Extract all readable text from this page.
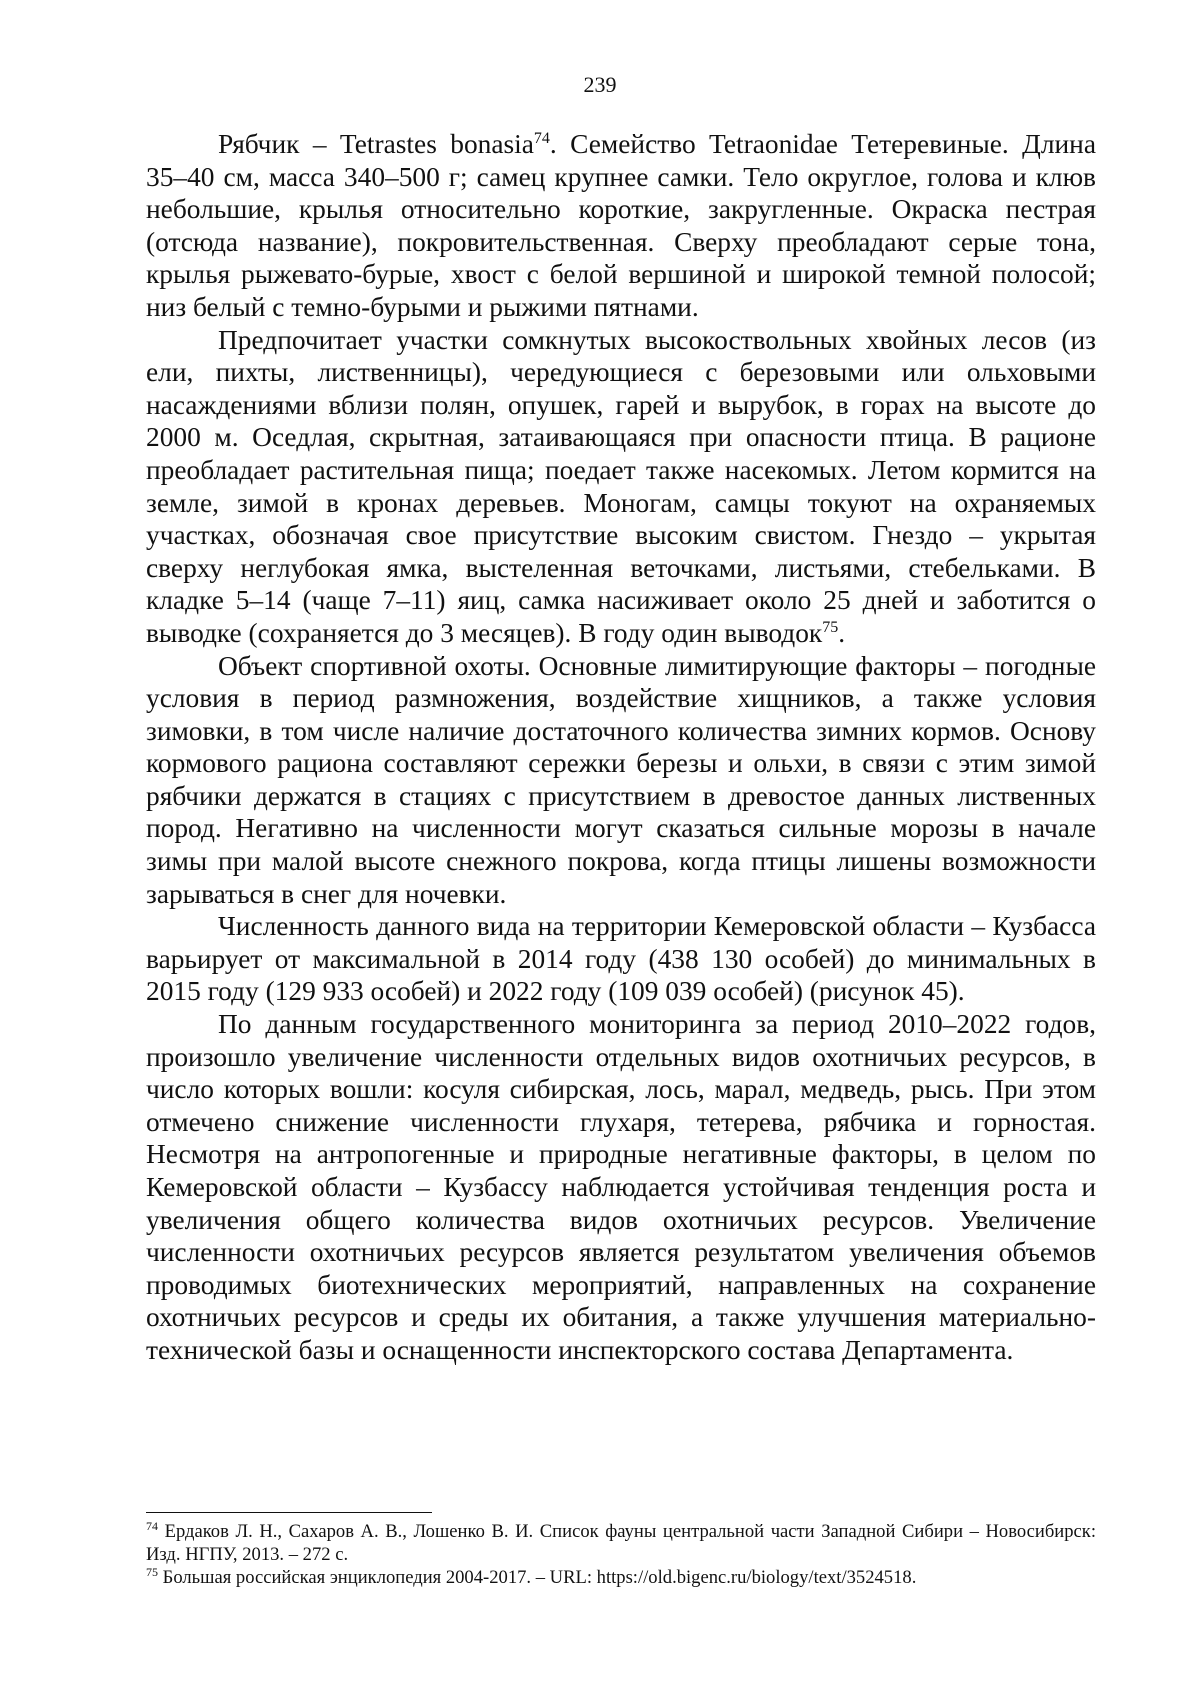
239

Рябчик – Tetrastes bonasia$^{74}$. Семейство Tetraonidae Тетеревиные. Длина 35–40 см, масса 340–500 г; самец крупнее самки. Тело округлое, голова и клюв небольшие, крылья относительно короткие, закругленные. Окраска пестрая (отсюда название), покровительственная. Сверху преобладают серые тона, крылья рыжевато-бурые, хвост с белой вершиной и широкой темной полосой; низ белый с темно-бурыми и рыжими пятнами.

Предпочитает участки сомкнутых высокоствольных хвойных лесов (из ели, пихты, лиственницы), чередующиеся с березовыми или ольховыми насаждениями вблизи полян, опушек, гарей и вырубок, в горах на высоте до 2000 м. Оседлая, скрытная, затаивающаяся при опасности птица. В рационе преобладает растительная пища; поедает также насекомых. Летом кормится на земле, зимой в кронах деревьев. Моногам, самцы токуют на охраняемых участках, обозначая свое присутствие высоким свистом. Гнездо – укрытая сверху неглубокая ямка, выстеленная веточками, листьями, стебельками. В кладке 5–14 (чаще 7–11) яиц, самка насиживает около 25 дней и заботится о выводке (сохраняется до 3 месяцев). В году один выводок$^{75}$.

Объект спортивной охоты. Основные лимитирующие факторы – погодные условия в период размножения, воздействие хищников, а также условия зимовки, в том числе наличие достаточного количества зимних кормов. Основу кормового рациона составляют сережки березы и ольхи, в связи с этим зимой рябчики держатся в стациях с присутствием в древостое данных лиственных пород. Негативно на численности могут сказаться сильные морозы в начале зимы при малой высоте снежного покрова, когда птицы лишены возможности зарываться в снег для ночевки.

Численность данного вида на территории Кемеровской области – Кузбасса варьирует от максимальной в 2014 году (438 130 особей) до минимальных в 2015 году (129 933 особей) и 2022 году (109 039 особей) (рисунок 45).

По данным государственного мониторинга за период 2010–2022 годов, произошло увеличение численности отдельных видов охотничьих ресурсов, в число которых вошли: косуля сибирская, лось, марал, медведь, рысь. При этом отмечено снижение численности глухаря, тетерева, рябчика и горностая. Несмотря на антропогенные и природные негативные факторы, в целом по Кемеровской области – Кузбассу наблюдается устойчивая тенденция роста и увеличения общего количества видов охотничьих ресурсов. Увеличение численности охотничьих ресурсов является результатом увеличения объемов проводимых биотехнических мероприятий, направленных на сохранение охотничьих ресурсов и среды их обитания, а также улучшения материально-технической базы и оснащенности инспекторского состава Департамента.

$^{74}$ Ердаков Л. Н., Сахаров А. В., Лошенко В. И. Список фауны центральной части Западной Сибири – Новосибирск: Изд. НГПУ, 2013. – 272 с.

$^{75}$ Большая российская энциклопедия 2004-2017. – URL: https://old.bigenc.ru/biology/text/3524518.
